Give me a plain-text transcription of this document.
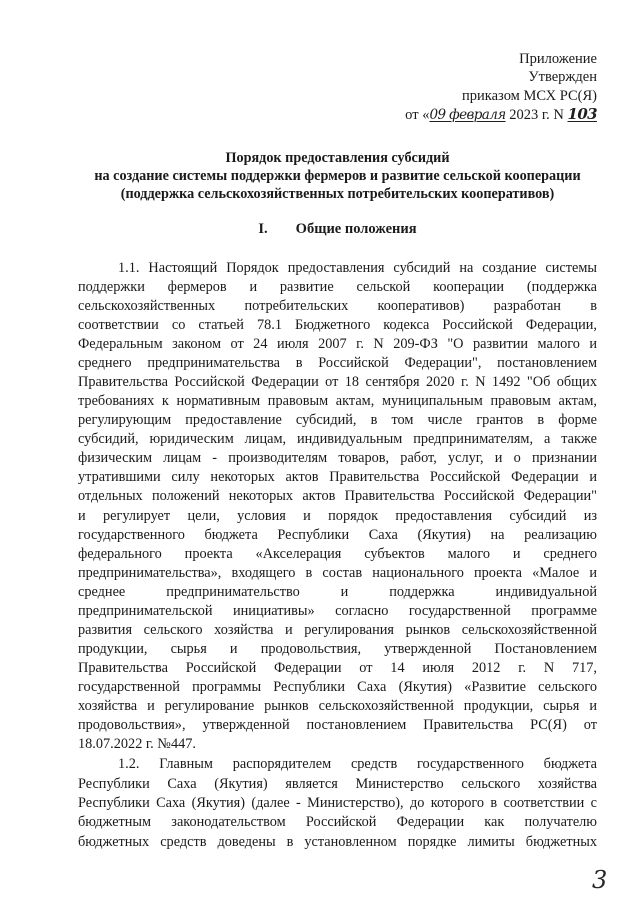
Приложение
Утвержден
приказом МСХ РС(Я)
от «09 февраля 2023 г. N 103
Порядок предоставления субсидий
на создание системы поддержки фермеров и развитие сельской кооперации
(поддержка сельскохозяйственных потребительских кооперативов)
I. Общие положения
1.1. Настоящий Порядок предоставления субсидий на создание системы
поддержки фермеров и развитие сельской кооперации (поддержка
сельскохозяйственных потребительских кооперативов) разработан в
соответствии со статьей 78.1 Бюджетного кодекса Российской Федерации,
Федеральным законом от 24 июля 2007 г. N 209-ФЗ "О развитии малого и
среднего предпринимательства в Российской Федерации", постановлением
Правительства Российской Федерации от 18 сентября 2020 г. N 1492 "Об общих
требованиях к нормативным правовым актам, муниципальным правовым актам,
регулирующим предоставление субсидий, в том числе грантов в форме
субсидий, юридическим лицам, индивидуальным предпринимателям, а также
физическим лицам - производителям товаров, работ, услуг, и о признании
утратившими силу некоторых актов Правительства Российской Федерации и
отдельных положений некоторых актов Правительства Российской Федерации"
и регулирует цели, условия и порядок предоставления субсидий из
государственного бюджета Республики Саха (Якутия) на реализацию
федерального проекта «Акселерация субъектов малого и среднего
предпринимательства», входящего в состав национального проекта «Малое и
среднее предпринимательство и поддержка индивидуальной
предпринимательской инициативы» согласно государственной программе
развития сельского хозяйства и регулирования рынков сельскохозяйственной
продукции, сырья и продовольствия, утвержденной Постановлением
Правительства Российской Федерации от 14 июля 2012 г. N 717,
государственной программы Республики Саха (Якутия) «Развитие сельского
хозяйства и регулирование рынков сельскохозяйственной продукции, сырья и
продовольствия», утвержденной постановлением Правительства РС(Я) от
18.07.2022 г. №447.
1.2. Главным распорядителем средств государственного бюджета
Республики Саха (Якутия) является Министерство сельского хозяйства
Республики Саха (Якутия) (далее - Министерство), до которого в соответствии с
бюджетным законодательством Российской Федерации как получателю
бюджетных средств доведены в установленном порядке лимиты бюджетных
3
